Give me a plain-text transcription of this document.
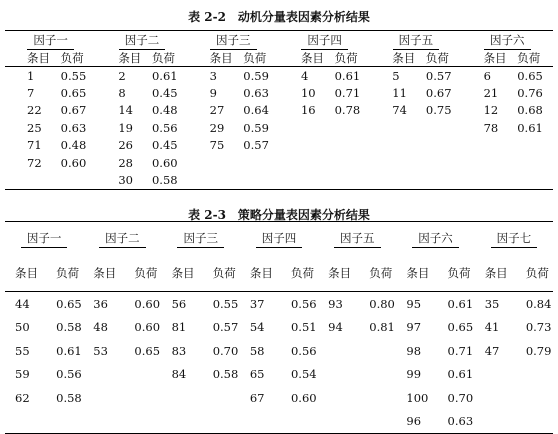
表 2-2　动机分量表因素分析结果
因子一		因子二		因子三		因子四		因子五		因子六	
条目	负荷	条目	负荷	条目	负荷	条目	负荷	条目	负荷	条目	负荷
1	0.55	2	0.61	3	0.59	4	0.61	5	0.57	6	0.65
7	0.65	8	0.45	9	0.63	10	0.71	11	0.67	21	0.76
22	0.67	14	0.48	27	0.64	16	0.78	74	0.75	12	0.68
25	0.63	19	0.56	29	0.59					78	0.61
71	0.48	26	0.45	75	0.57						
72	0.60	28	0.60								
		30	0.58								
表 2-3　策略分量表因素分析结果
因子一		因子二		因子三		因子四		因子五		因子六		因子七	
条目	负荷	条目	负荷	条目	负荷	条目	负荷	条目	负荷	条目	负荷	条目	负荷
44	0.65	36	0.60	56	0.55	37	0.56	93	0.80	95	0.61	35	0.84
50	0.58	48	0.60	81	0.57	54	0.51	94	0.81	97	0.65	41	0.73
55	0.61	53	0.65	83	0.70	58	0.56			98	0.71	47	0.79
59	0.56			84	0.58	65	0.54			99	0.61		
62	0.58					67	0.60			100	0.70		
										96	0.63		
